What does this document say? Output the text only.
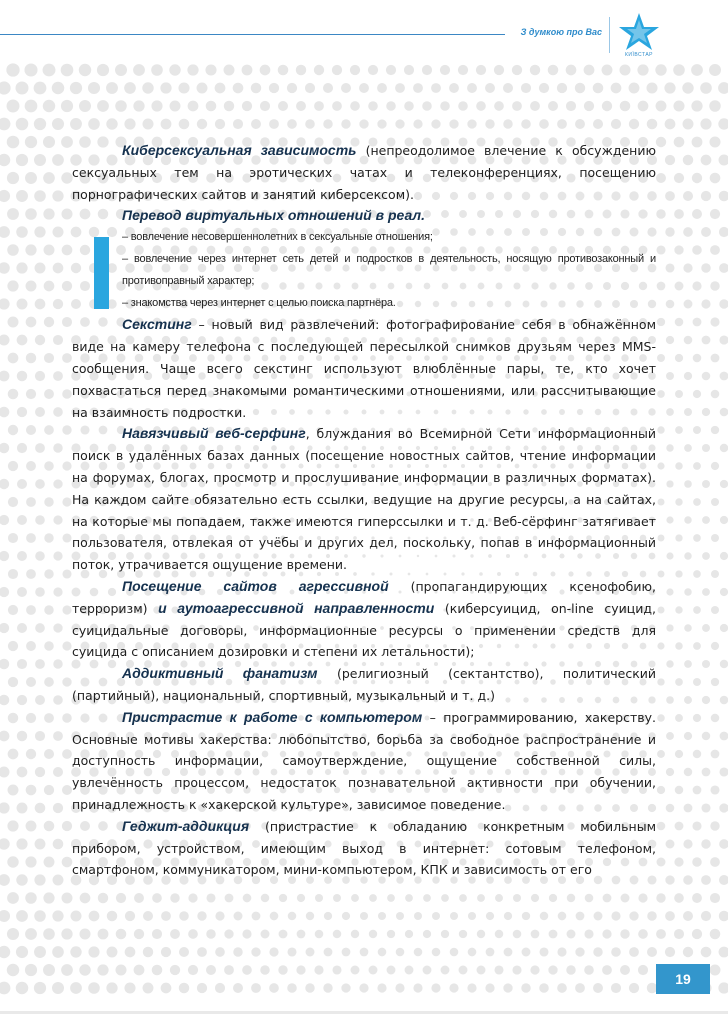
З думкою про Вас
КИЇВСТАР

Киберсексуальная зависимость (непреодолимое влечение к обсуждению сексуальных тем на эротических чатах и телеконференциях, посещению порнографических сайтов и занятий киберсексом).

Перевод виртуальных отношений в реал.

– вовлечение несовершеннолетних в сексуальные отношения;

– вовлечение через интернет сеть детей и подростков в деятельность, носящую противозаконный и противоправный характер;

– знакомства через интернет с целью поиска партнёра.

Секстинг – новый вид развлечений: фотографирование себя в обнажённом виде на камеру телефона с последующей пересылкой снимков друзьям через MMS-сообщения. Чаще всего секстинг используют влюблённые пары, те, кто хочет похвастаться перед знакомыми романтическими отношениями, или рассчитывающие на взаимность подростки.

Навязчивый веб-серфинг, блуждания во Всемирной Сети информационный поиск в удалённых базах данных (посещение новостных сайтов, чтение информации на форумах, блогах, просмотр и прослушивание информации в различных форматах). На каждом сайте обязательно есть ссылки, ведущие на другие ресурсы, а на сайтах, на которые мы попадаем, также имеются гиперссылки и т. д. Веб-сёрфинг затягивает пользователя, отвлекая от учёбы и других дел, поскольку, попав в информационный поток, утрачивается ощущение времени.

Посещение сайтов агрессивной (пропагандирующих ксенофобию, терроризм) и аутоагрессивной направленности (киберсуицид, on-line суицид, суицидальные договоры, информационные ресурсы о применении средств для суицида с описанием дозировки и степени их летальности);

Аддиктивный фанатизм (религиозный (сектантство), политический (партийный), национальный, спортивный, музыкальный и т. д.)

Пристрастие к работе с компьютером – программированию, хакерству. Основные мотивы хакерства: любопытство, борьба за свободное распространение и доступность информации, самоутверждение, ощущение собственной силы, увлечённость процессом, недостаток познавательной активности при обучении, принадлежность к «хакерской культуре», зависимое поведение.

Геджит-аддикция (пристрастие к обладанию конкретным мобильным прибором, устройством, имеющим выход в интернет: сотовым телефоном, смартфоном, коммуникатором, мини-компьютером, КПК и зависимость от его

19
